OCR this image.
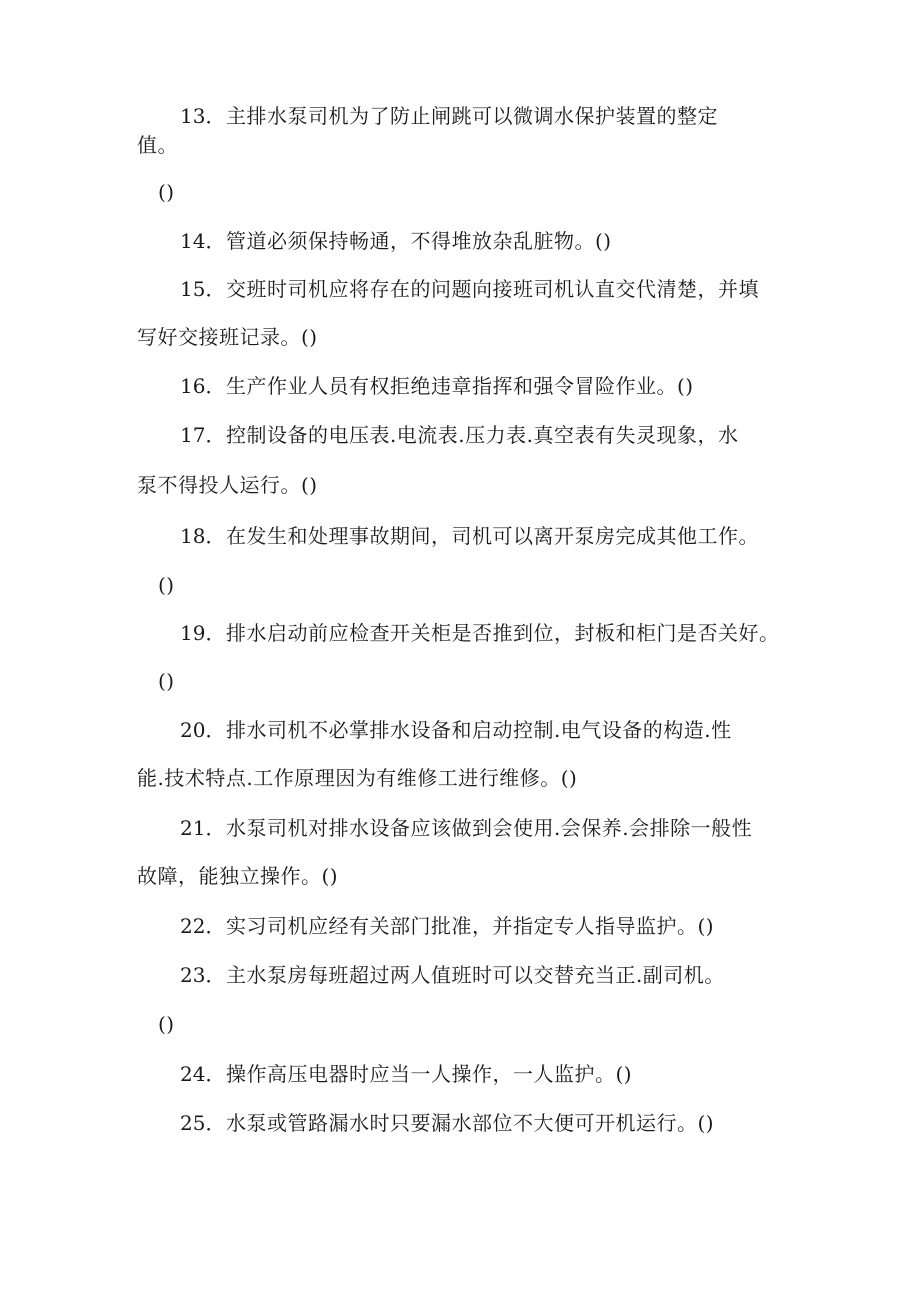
13．主排水泵司机为了防止闸跳可以微调水保护装置的整定
值。
()
14．管道必须保持畅通，不得堆放杂乱脏物。()
15．交班时司机应将存在的问题向接班司机认直交代清楚，并填
写好交接班记录。()
16．生产作业人员有权拒绝违章指挥和强令冒险作业。()
17．控制设备的电压表.电流表.压力表.真空表有失灵现象，水
泵不得投人运行。()
18．在发生和处理事故期间，司机可以离开泵房完成其他工作。
()
19．排水启动前应检查开关柜是否推到位，封板和柜门是否关好。
()
20．排水司机不必掌排水设备和启动控制.电气设备的构造.性
能.技术特点.工作原理因为有维修工进行维修。()
21．水泵司机对排水设备应该做到会使用.会保养.会排除一般性
故障，能独立操作。()
22．实习司机应经有关部门批准，并指定专人指导监护。()
23．主水泵房每班超过两人值班时可以交替充当正.副司机。
()
24．操作高压电器时应当一人操作，一人监护。()
25．水泵或管路漏水时只要漏水部位不大便可开机运行。()
